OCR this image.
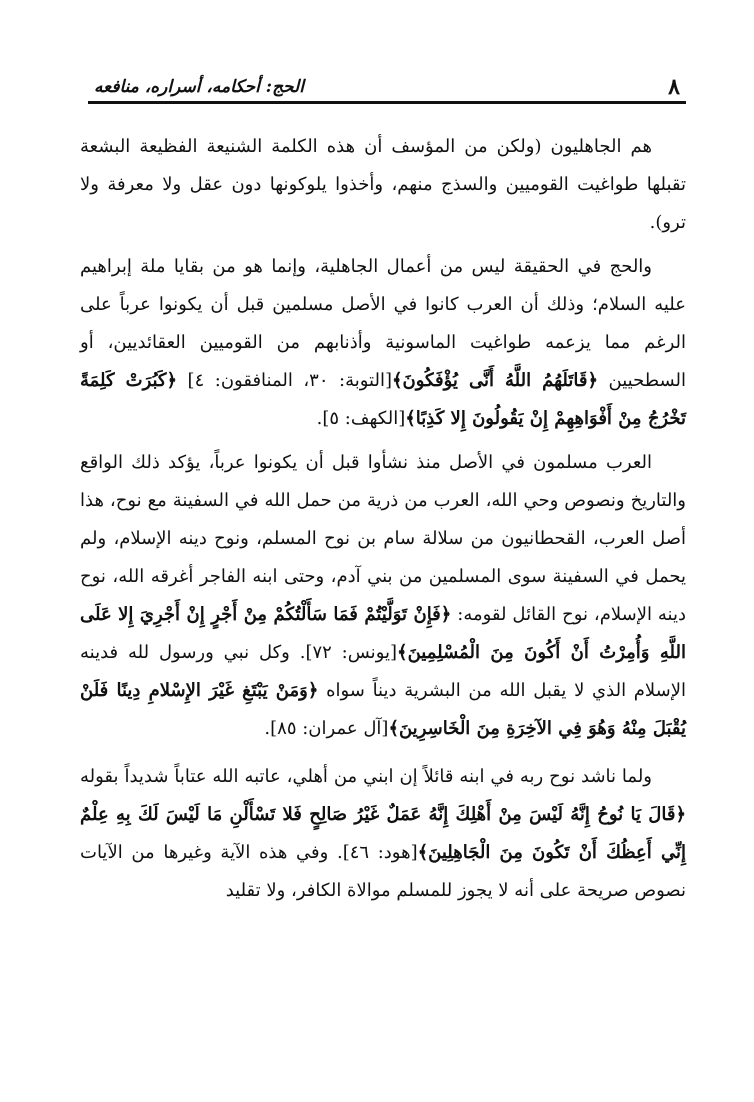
٨
الحج: أحكامه، أسراره، منافعه

هم الجاهليون (ولكن من المؤسف أن هذه الكلمة الشنيعة الفظيعة البشعة تقبلها طواغيت القوميين والسذج منهم، وأخذوا يلوكونها دون عقل ولا معرفة ولا ترو).

والحج في الحقيقة ليس من أعمال الجاهلية، وإنما هو من بقايا ملة إبراهيم عليه السلام؛ وذلك أن العرب كانوا في الأصل مسلمين قبل أن يكونوا عرباً على الرغم مما يزعمه طواغيت الماسونية وأذنابهم من القوميين العقائديين، أو السطحيين ﴿قَاتَلَهُمُ اللَّهُ أَنَّى يُؤْفَكُونَ﴾[التوبة: ٣٠، المنافقون: ٤] ﴿كَبُرَتْ كَلِمَةً تَخْرُجُ مِنْ أَفْوَاهِهِمْ إِنْ يَقُولُونَ إِلا كَذِبًا﴾[الكهف: ٥].

العرب مسلمون في الأصل منذ نشأوا قبل أن يكونوا عرباً، يؤكد ذلك الواقع والتاريخ ونصوص وحي الله، العرب من ذرية من حمل الله في السفينة مع نوح، هذا أصل العرب، القحطانيون من سلالة سام بن نوح المسلم، ونوح دينه الإسلام، ولم يحمل في السفينة سوى المسلمين من بني آدم، وحتى ابنه الفاجر أغرقه الله، نوح دينه الإسلام، نوح القائل لقومه: ﴿فَإِنْ تَوَلَّيْتُمْ فَمَا سَأَلْتُكُمْ مِنْ أَجْرٍ إِنْ أَجْرِيَ إِلا عَلَى اللَّهِ وَأُمِرْتُ أَنْ أَكُونَ مِنَ الْمُسْلِمِينَ﴾[يونس: ٧٢]. وكل نبي ورسول لله فدينه الإسلام الذي لا يقبل الله من البشرية ديناً سواه ﴿وَمَنْ يَبْتَغِ غَيْرَ الإِسْلامِ دِينًا فَلَنْ يُقْبَلَ مِنْهُ وَهُوَ فِي الآخِرَةِ مِنَ الْخَاسِرِينَ﴾[آل عمران: ٨٥].

ولما ناشد نوح ربه في ابنه قائلاً إن ابني من أهلي، عاتبه الله عتاباً شديداً بقوله ﴿قَالَ يَا نُوحُ إِنَّهُ لَيْسَ مِنْ أَهْلِكَ إِنَّهُ عَمَلٌ غَيْرُ صَالِحٍ فَلا تَسْأَلْنِ مَا لَيْسَ لَكَ بِهِ عِلْمٌ إِنِّي أَعِظُكَ أَنْ تَكُونَ مِنَ الْجَاهِلِينَ﴾[هود: ٤٦]. وفي هذه الآية وغيرها من الآيات نصوص صريحة على أنه لا يجوز للمسلم موالاة الكافر، ولا تقليد
